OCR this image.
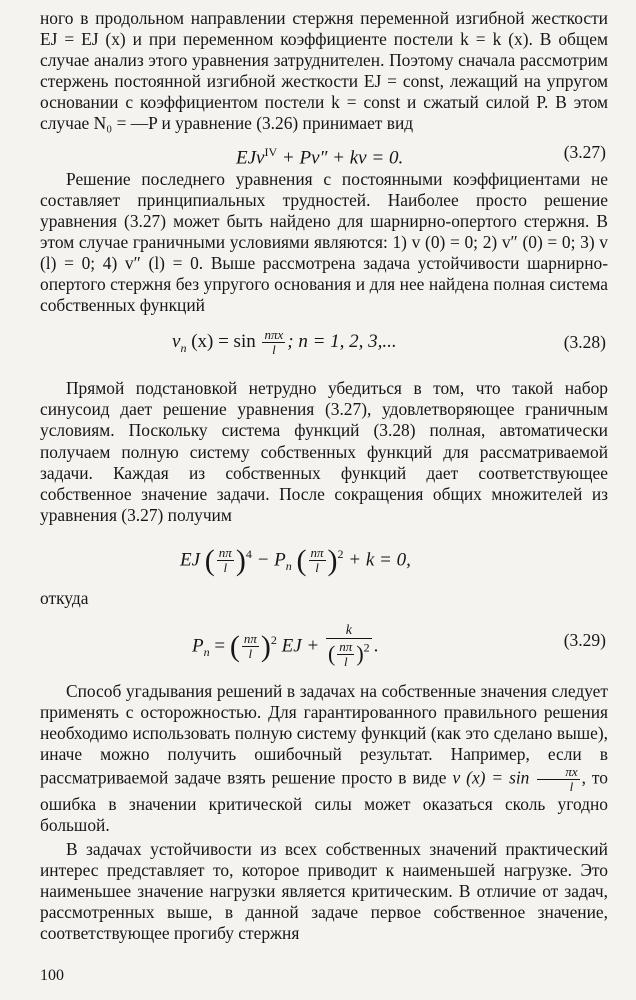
ного в продольном направлении стержня переменной изгибной жесткости EJ = EJ (x) и при переменном коэффициенте постели k = k (x). В общем случае анализ этого уравнения затруднителен. Поэтому сначала рассмотрим стержень постоянной изгибной жесткости EJ = const, лежащий на упругом основании с коэффициентом постели k = const и сжатый силой P. В этом случае N₀ = —P и уравнение (3.26) принимает вид

EJv$^{IV}$ + Pv″ + kv = 0.	(3.27)

Решение последнего уравнения с постоянными коэффициентами не составляет принципиальных трудностей. Наиболее просто решение уравнения (3.27) может быть найдено для шарнирно-опертого стержня. В этом случае граничными условиями являются: 1) v (0) = 0; 2) v″ (0) = 0; 3) v (l) = 0; 4) v″ (l) = 0. Выше рассмотрена задача устойчивости шарнирно-опертого стержня без упругого основания и для нее найдена полная система собственных функций

$v_n$ $(x) = \sin \frac{\text{nπx}}{l}$ ; n = 1, 2, 3,...	(3.28)

Прямой подстановкой нетрудно убедиться в том, что такой набор синусоид дает решение уравнения (3.27), удовлетворяющее граничным условиям. Поскольку система функций (3.28) полная, автоматически получаем полную систему собственных функций для рассматриваемой задачи. Каждая из собственных функций дает соответствующее собственное значение задачи. После сокращения общих множителей из уравнения (3.27) получим

EJ ( $\frac{n\pi}{l} )^4 - P_n$ ( $\frac{n\pi}{l} )^2 + k = 0$,

откуда

$P_n$ = ( $\frac{n\pi}{l} )^2$ EJ + $\frac{k}{( \frac{n\pi}{l} )2}$ .	(3.29)

Способ угадывания решений в задачах на собственные значения следует применять с осторожностью. Для гарантированного правильного решения необходимо использовать полную систему функций (как это сделано выше), иначе можно получить ошибочный результат. Например, если в рассматриваемой задаче взять решение просто в виде v $(x) = \sin \frac{\pi x}{l}$ , то ошибка в значении критической силы может оказаться сколь угодно большой.

В задачах устойчивости из всех собственных значений практический интерес представляет то, которое приводит к наименьшей нагрузке. Это наименьшее значение нагрузки является критическим. В отличие от задач, рассмотренных выше, в данной задаче первое собственное значение, соответствующее прогибу стержня

100
